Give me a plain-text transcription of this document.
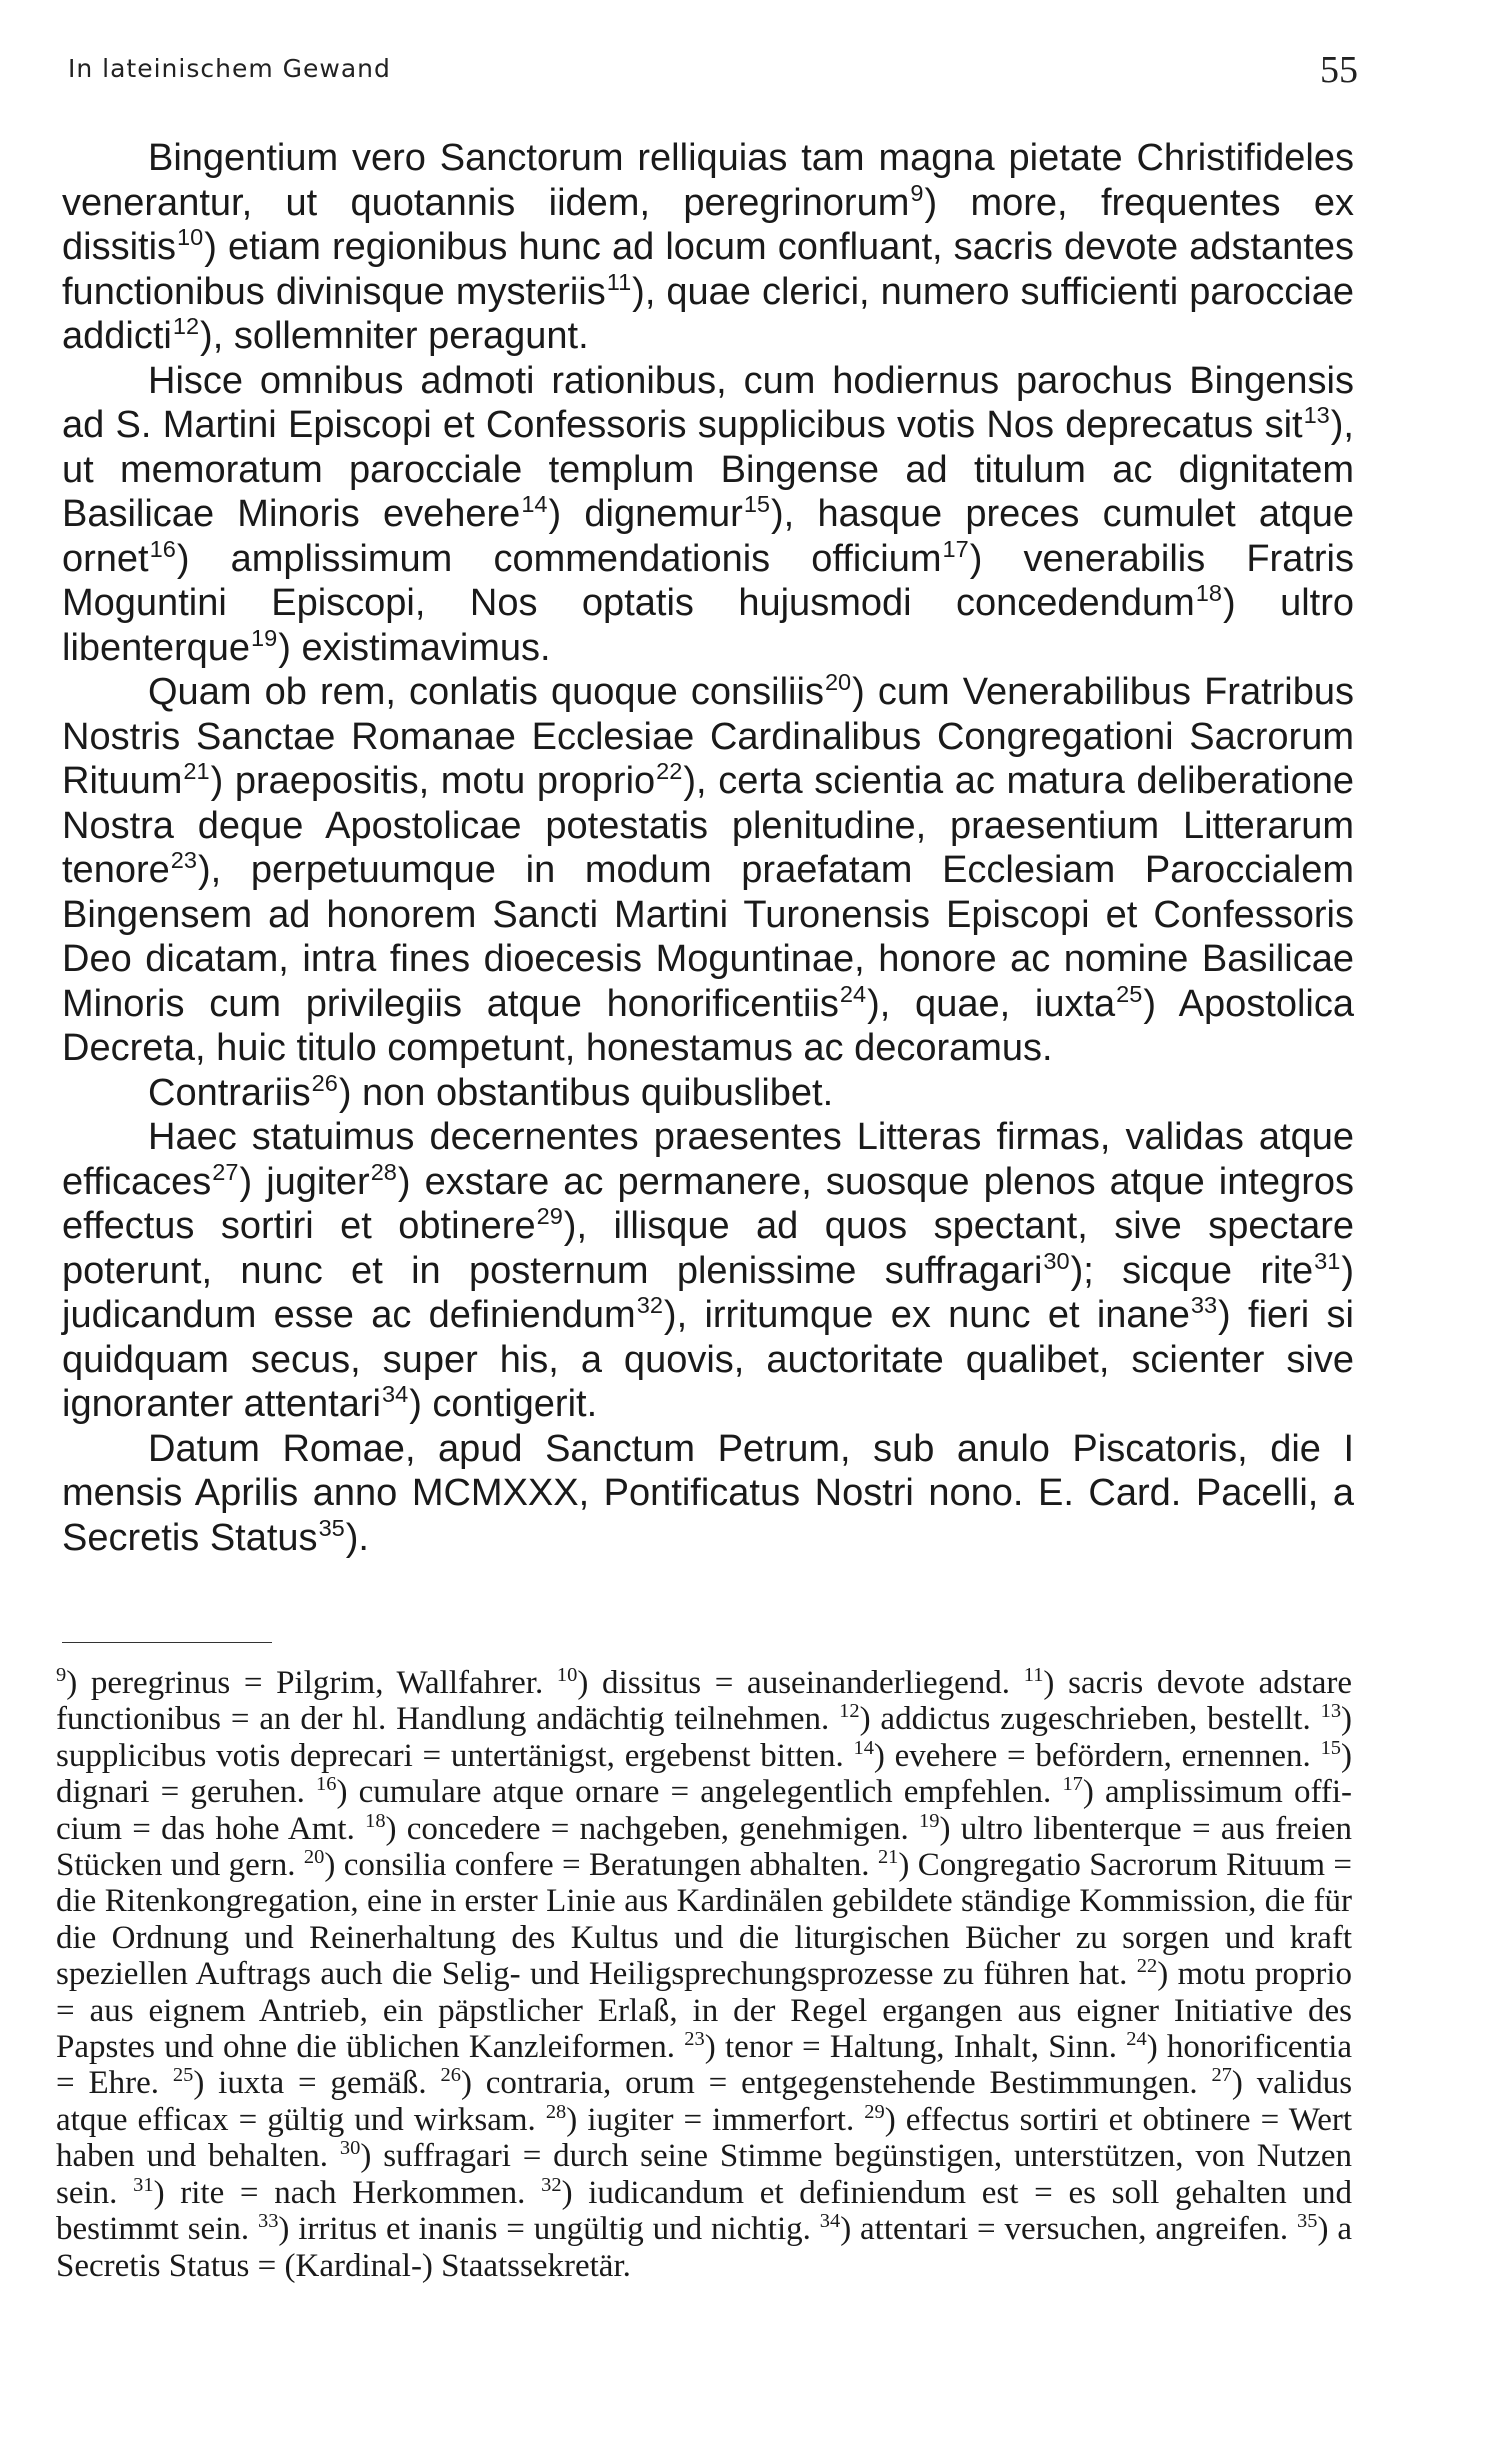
In lateinischem Gewand	55

Bingentium vero Sanctorum relliquias tam magna pietate Christifideles venerantur, ut quotannis iidem, peregrinorum$^9$) more, frequentes ex dissitis$^{10}$) etiam regionibus hunc ad locum confluant, sacris devote adstantes functionibus divinisque mysteriis$^{11}$), quae clerici, numero sufficienti parocciae addicti$^{12}$), sollemniter peragunt.

Hisce omnibus admoti rationibus, cum hodiernus parochus Bingensis ad S. Martini Episcopi et Confessoris supplicibus votis Nos deprecatus sit$^{13}$), ut memoratum parocciale templum Bingense ad titulum ac dignitatem Basilicae Minoris evehere$^{14}$) dignemur$^{15}$), hasque preces cumulet atque ornet$^{16}$) amplissimum commendationis officium$^{17}$) venerabilis Fratris Moguntini Episcopi, Nos optatis hujusmodi concedendum$^{18}$) ultro libenterque$^{19}$) existimavimus.

Quam ob rem, conlatis quoque consiliis$^{20}$) cum Venerabilibus Fratribus Nostris Sanctae Romanae Ecclesiae Cardinalibus Congregationi Sacrorum Rituum$^{21}$) praepositis, motu proprio$^{22}$), certa scientia ac matura deliberatione Nostra deque Apostolicae potestatis plenitudine, praesentium Litterarum tenore$^{23}$), perpetuumque in modum praefatam Ecclesiam Paroccialem Bingensem ad honorem Sancti Martini Turonensis Episcopi et Confessoris Deo dicatam, intra fines dioecesis Moguntinae, honore ac nomine Basilicae Minoris cum privilegiis atque honorificentiis$^{24}$), quae, iuxta$^{25}$) Apostolica Decreta, huic titulo competunt, honestamus ac decoramus.

Contrariis$^{26}$) non obstantibus quibuslibet.

Haec statuimus decernentes praesentes Litteras firmas, validas atque efficaces$^{27}$) jugiter$^{28}$) exstare ac permanere, suosque plenos atque integros effectus sortiri et obtinere$^{29}$), illisque ad quos spectant, sive spectare poterunt, nunc et in posternum plenissime suffragari$^{30}$); sicque rite$^{31}$) judicandum esse ac definiendum$^{32}$), irritumque ex nunc et inane$^{33}$) fieri si quidquam secus, super his, a quovis, auctoritate qualibet, scienter sive ignoranter attentari$^{34}$) contigerit.

Datum Romae, apud Sanctum Petrum, sub anulo Piscatoris, die I mensis Aprilis anno MCMXXX, Pontificatus Nostri nono. E. Card. Pacelli, a Secretis Status$^{35}$).

$^9$) peregrinus = Pilgrim, Wallfahrer. $^{10}$) dissitus = auseinanderliegend. $^{11}$) sacris devote adstare functionibus = an der hl. Handlung andächtig teilnehmen. $^{12}$) addictus zugeschrieben, bestellt. $^{13}$) supplicibus votis deprecari = untertänigst, ergebenst bitten. $^{14}$) evehere = befördern, ernennen. $^{15}$) dignari = geruhen. $^{16}$) cumulare atque ornare = angelegentlich empfehlen. $^{17}$) amplissimum officium = das hohe Amt. $^{18}$) concedere = nachgeben, genehmigen. $^{19}$) ultro libenterque = aus freien Stücken und gern. $^{20}$) consilia confere = Beratungen abhalten. $^{21}$) Congregatio Sacrorum Rituum = die Ritenkongregation, eine in erster Linie aus Kardinälen gebildete ständige Kommission, die für die Ordnung und Reinerhaltung des Kultus und die liturgischen Bücher zu sorgen und kraft speziellen Auftrags auch die Selig- und Heiligsprechungsprozesse zu führen hat. $^{22}$) motu proprio = aus eignem Antrieb, ein päpstlicher Erlaß, in der Regel ergangen aus eigner Initiative des Papstes und ohne die üblichen Kanzleiformen. $^{23}$) tenor = Haltung, Inhalt, Sinn. $^{24}$) honorificentia = Ehre. $^{25}$) iuxta = gemäß. $^{26}$) contraria, orum = entgegenstehende Bestimmungen. $^{27}$) validus atque efficax = gültig und wirksam. $^{28}$) iugiter = immerfort. $^{29}$) effectus sortiri et obtinere = Wert haben und behalten. $^{30}$) suffragari = durch seine Stimme begünstigen, unterstützen, von Nutzen sein. $^{31}$) rite = nach Herkommen. $^{32}$) iudicandum et definiendum est = es soll gehalten und bestimmt sein. $^{33}$) irritus et inanis = ungültig und nichtig. $^{34}$) attentari = versuchen, angreifen. $^{35}$) a Secretis Status = (Kardinal-) Staatssekretär.
